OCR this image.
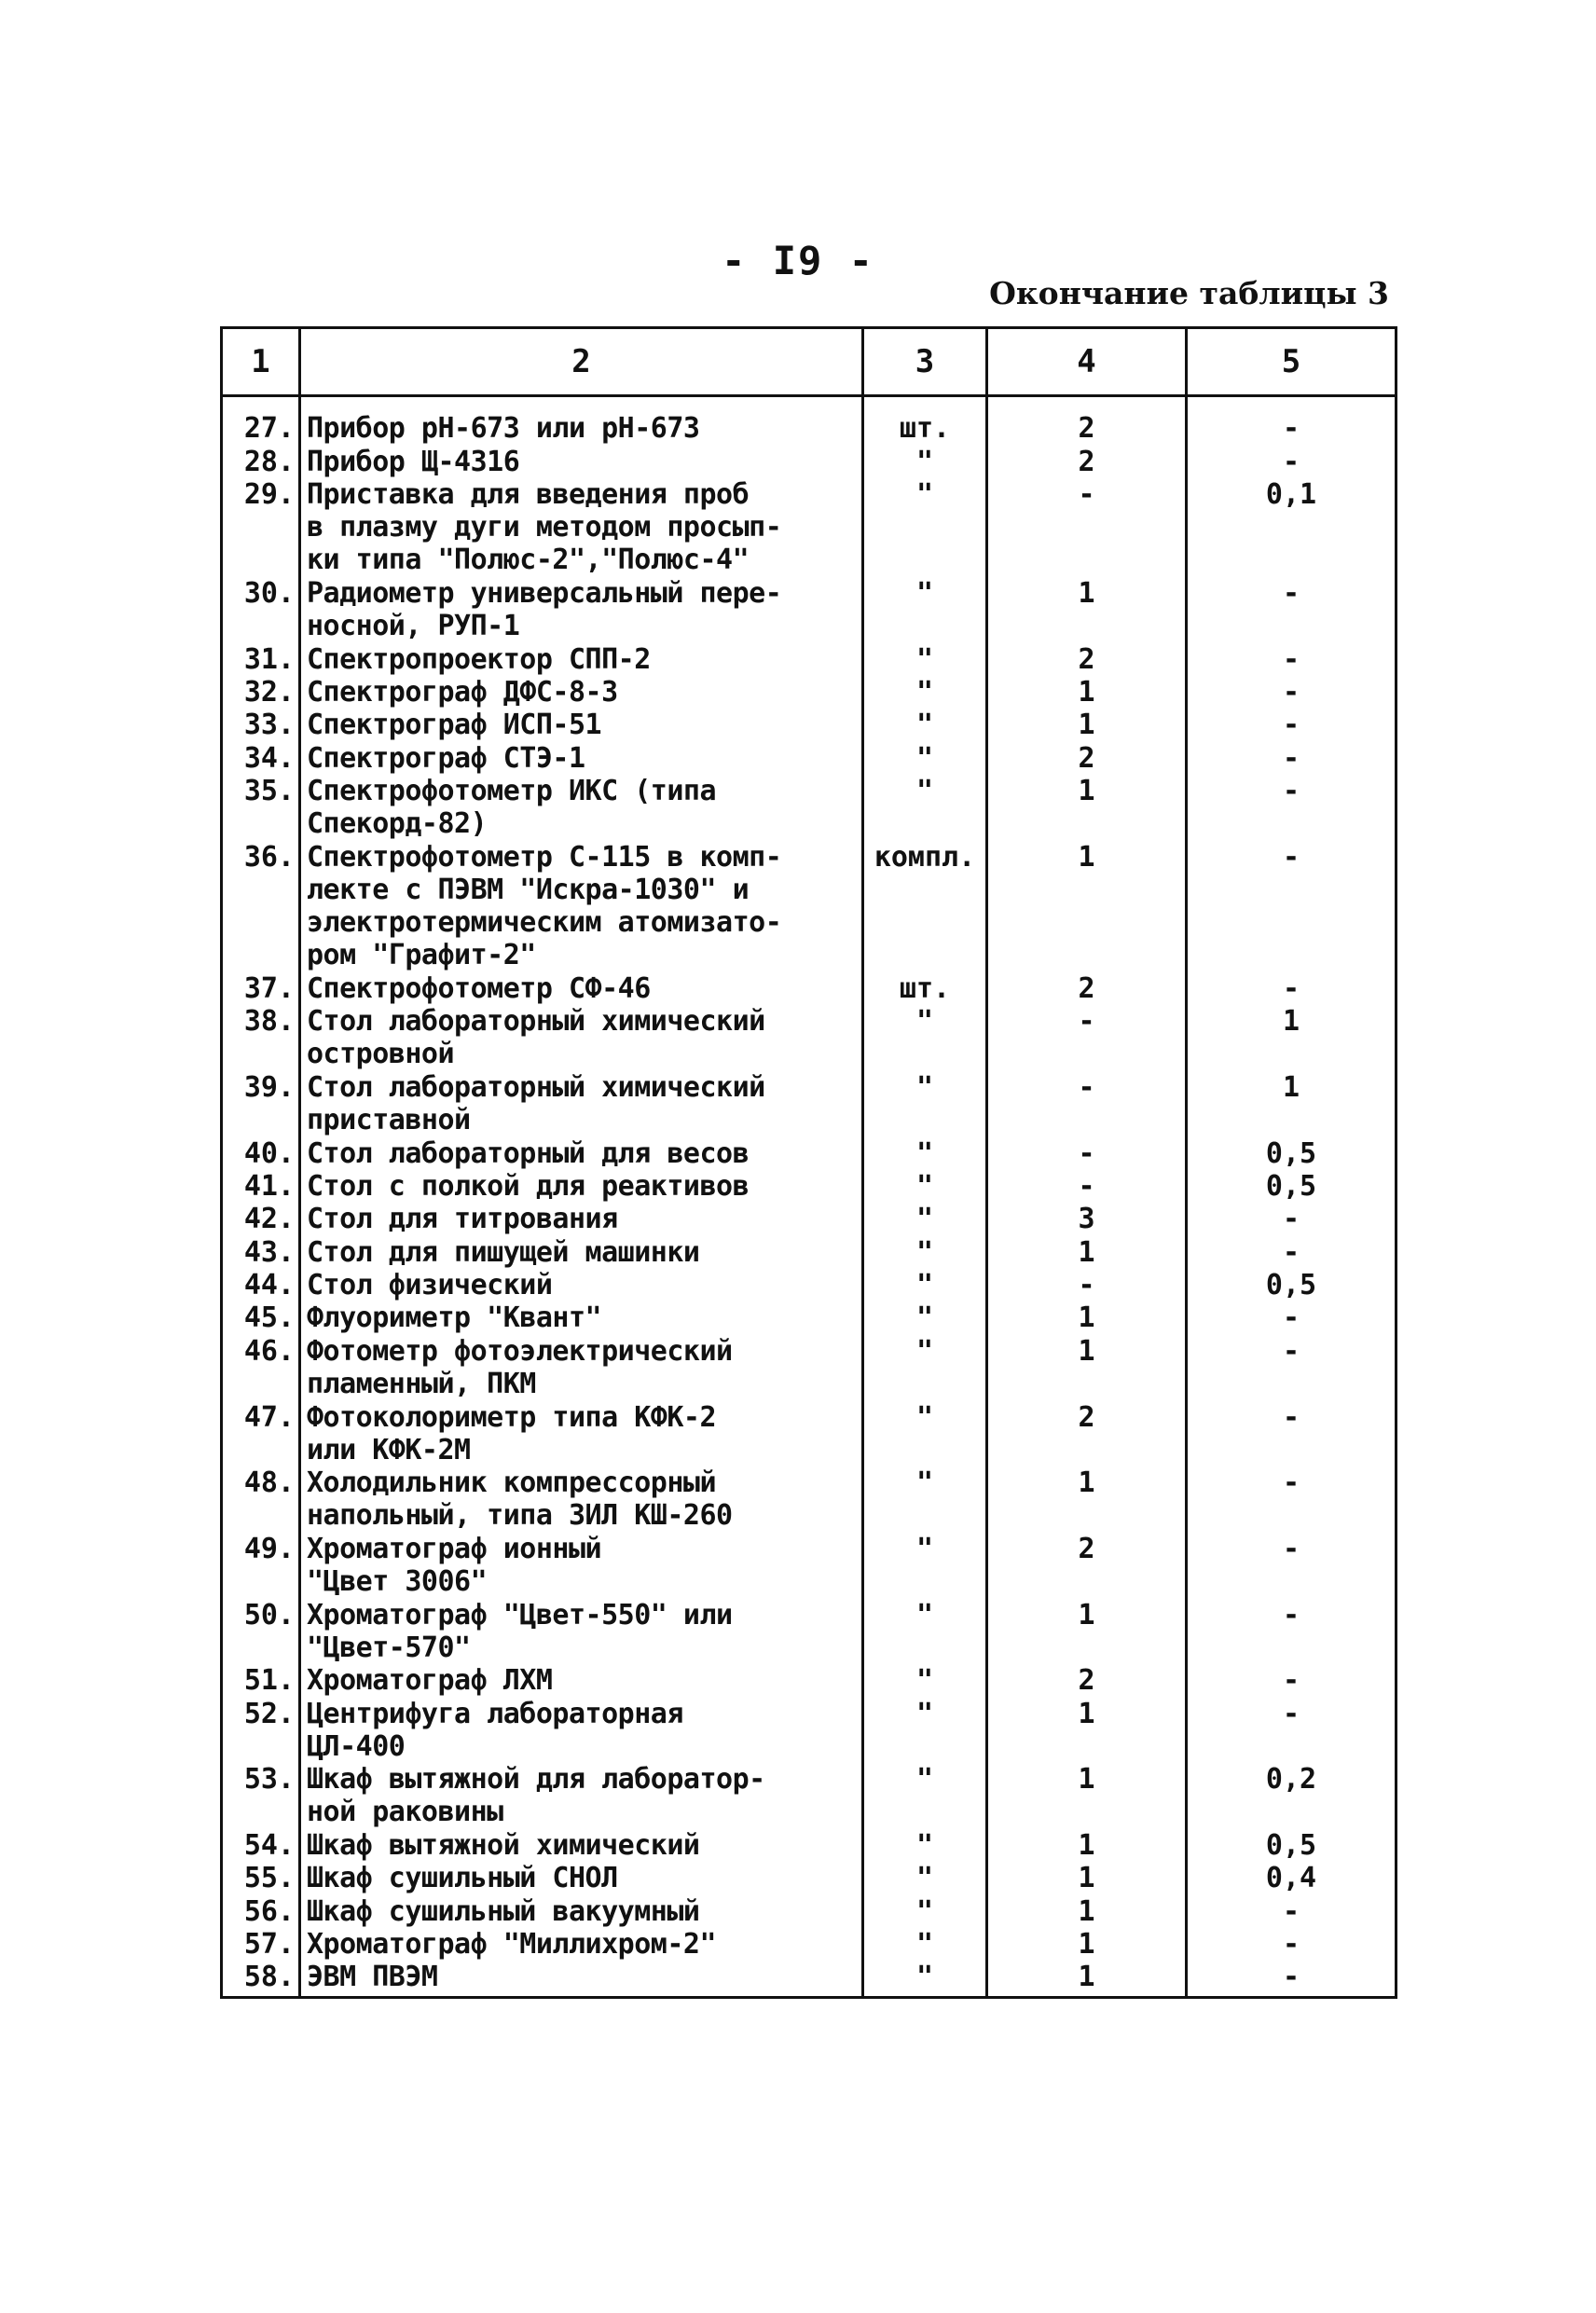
- I9 -
Окончание таблицы 3
1	2	3	4	5
27.	Прибор рН-673 или рН-673	шт.	2	-
28.	Прибор Щ-4316	"	2	-
29.	Приставка для введения проб
в плазму дуги методом просып-
ки типа "Полюс-2","Полюс-4"	"	-	0,1
30.	Радиометр универсальный пере-
носной, РУП-1	"	1	-
31.	Спектропроектор СПП-2	"	2	-
32.	Спектрограф ДФС-8-3	"	1	-
33.	Спектрограф ИСП-51	"	1	-
34.	Спектрограф СТЭ-1	"	2	-
35.	Спектрофотометр ИКС (типа
Спекорд-82)	"	1	-
36.	Спектрофотометр С-115 в комп-
лекте с ПЭВМ "Искра-1030" и
электротермическим атомизато-
ром "Графит-2"	компл.	1	-
37.	Спектрофотометр СФ-46	шт.	2	-
38.	Стол лабораторный химический
островной	"	-	1
39.	Стол лабораторный химический
приставной	"	-	1
40.	Стол лабораторный для весов	"	-	0,5
41.	Стол с полкой для реактивов	"	-	0,5
42.	Стол для титрования	"	3	-
43.	Стол для пишущей машинки	"	1	-
44.	Стол физический	"	-	0,5
45.	Флуориметр "Квант"	"	1	-
46.	Фотометр фотоэлектрический
пламенный, ПКМ	"	1	-
47.	Фотоколориметр типа КФК-2
или КФК-2М	"	2	-
48.	Холодильник компрессорный
напольный, типа ЗИЛ КШ-260	"	1	-
49.	Хроматограф ионный
"Цвет 3006"	"	2	-
50.	Хроматограф "Цвет-550" или
"Цвет-570"	"	1	-
51.	Хроматограф ЛХМ	"	2	-
52.	Центрифуга лабораторная
ЦЛ-400	"	1	-
53.	Шкаф вытяжной для лаборатор-
ной раковины	"	1	0,2
54.	Шкаф вытяжной химический	"	1	0,5
55.	Шкаф сушильный СНОЛ	"	1	0,4
56.	Шкаф сушильный вакуумный	"	1	-
57.	Хроматограф "Миллихром-2"	"	1	-
58.	ЭВМ ПВЭМ	"	1	-
